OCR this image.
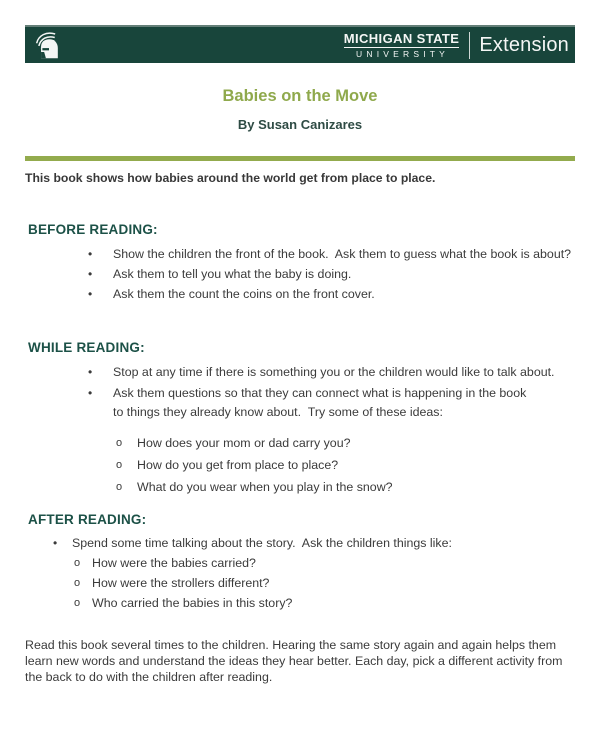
MICHIGAN STATE
UNIVERSITY	Extension
Babies on the Move
By Susan Canizares

This book shows how babies around the world get from place to place.

BEFORE READING:
•	Show the children the front of the book.  Ask them to guess what the book is about?
•	Ask them to tell you what the baby is doing.
•	Ask them the count the coins on the front cover.
WHILE READING:
•	Stop at any time if there is something you or the children would like to talk about.
•	Ask them questions so that they can connect what is happening in the book
to things they already know about.  Try some of these ideas:
o	How does your mom or dad carry you?
o	How do you get from place to place?
o	What do you wear when you play in the snow?
AFTER READING:
•	Spend some time talking about the story.  Ask the children things like:
o How were the babies carried?
o How were the strollers different?
o Who carried the babies in this story?

Read this book several times to the children. Hearing the same story again and again helps them learn new words and understand the ideas they hear better. Each day, pick a different activity from the back to do with the children after reading.
